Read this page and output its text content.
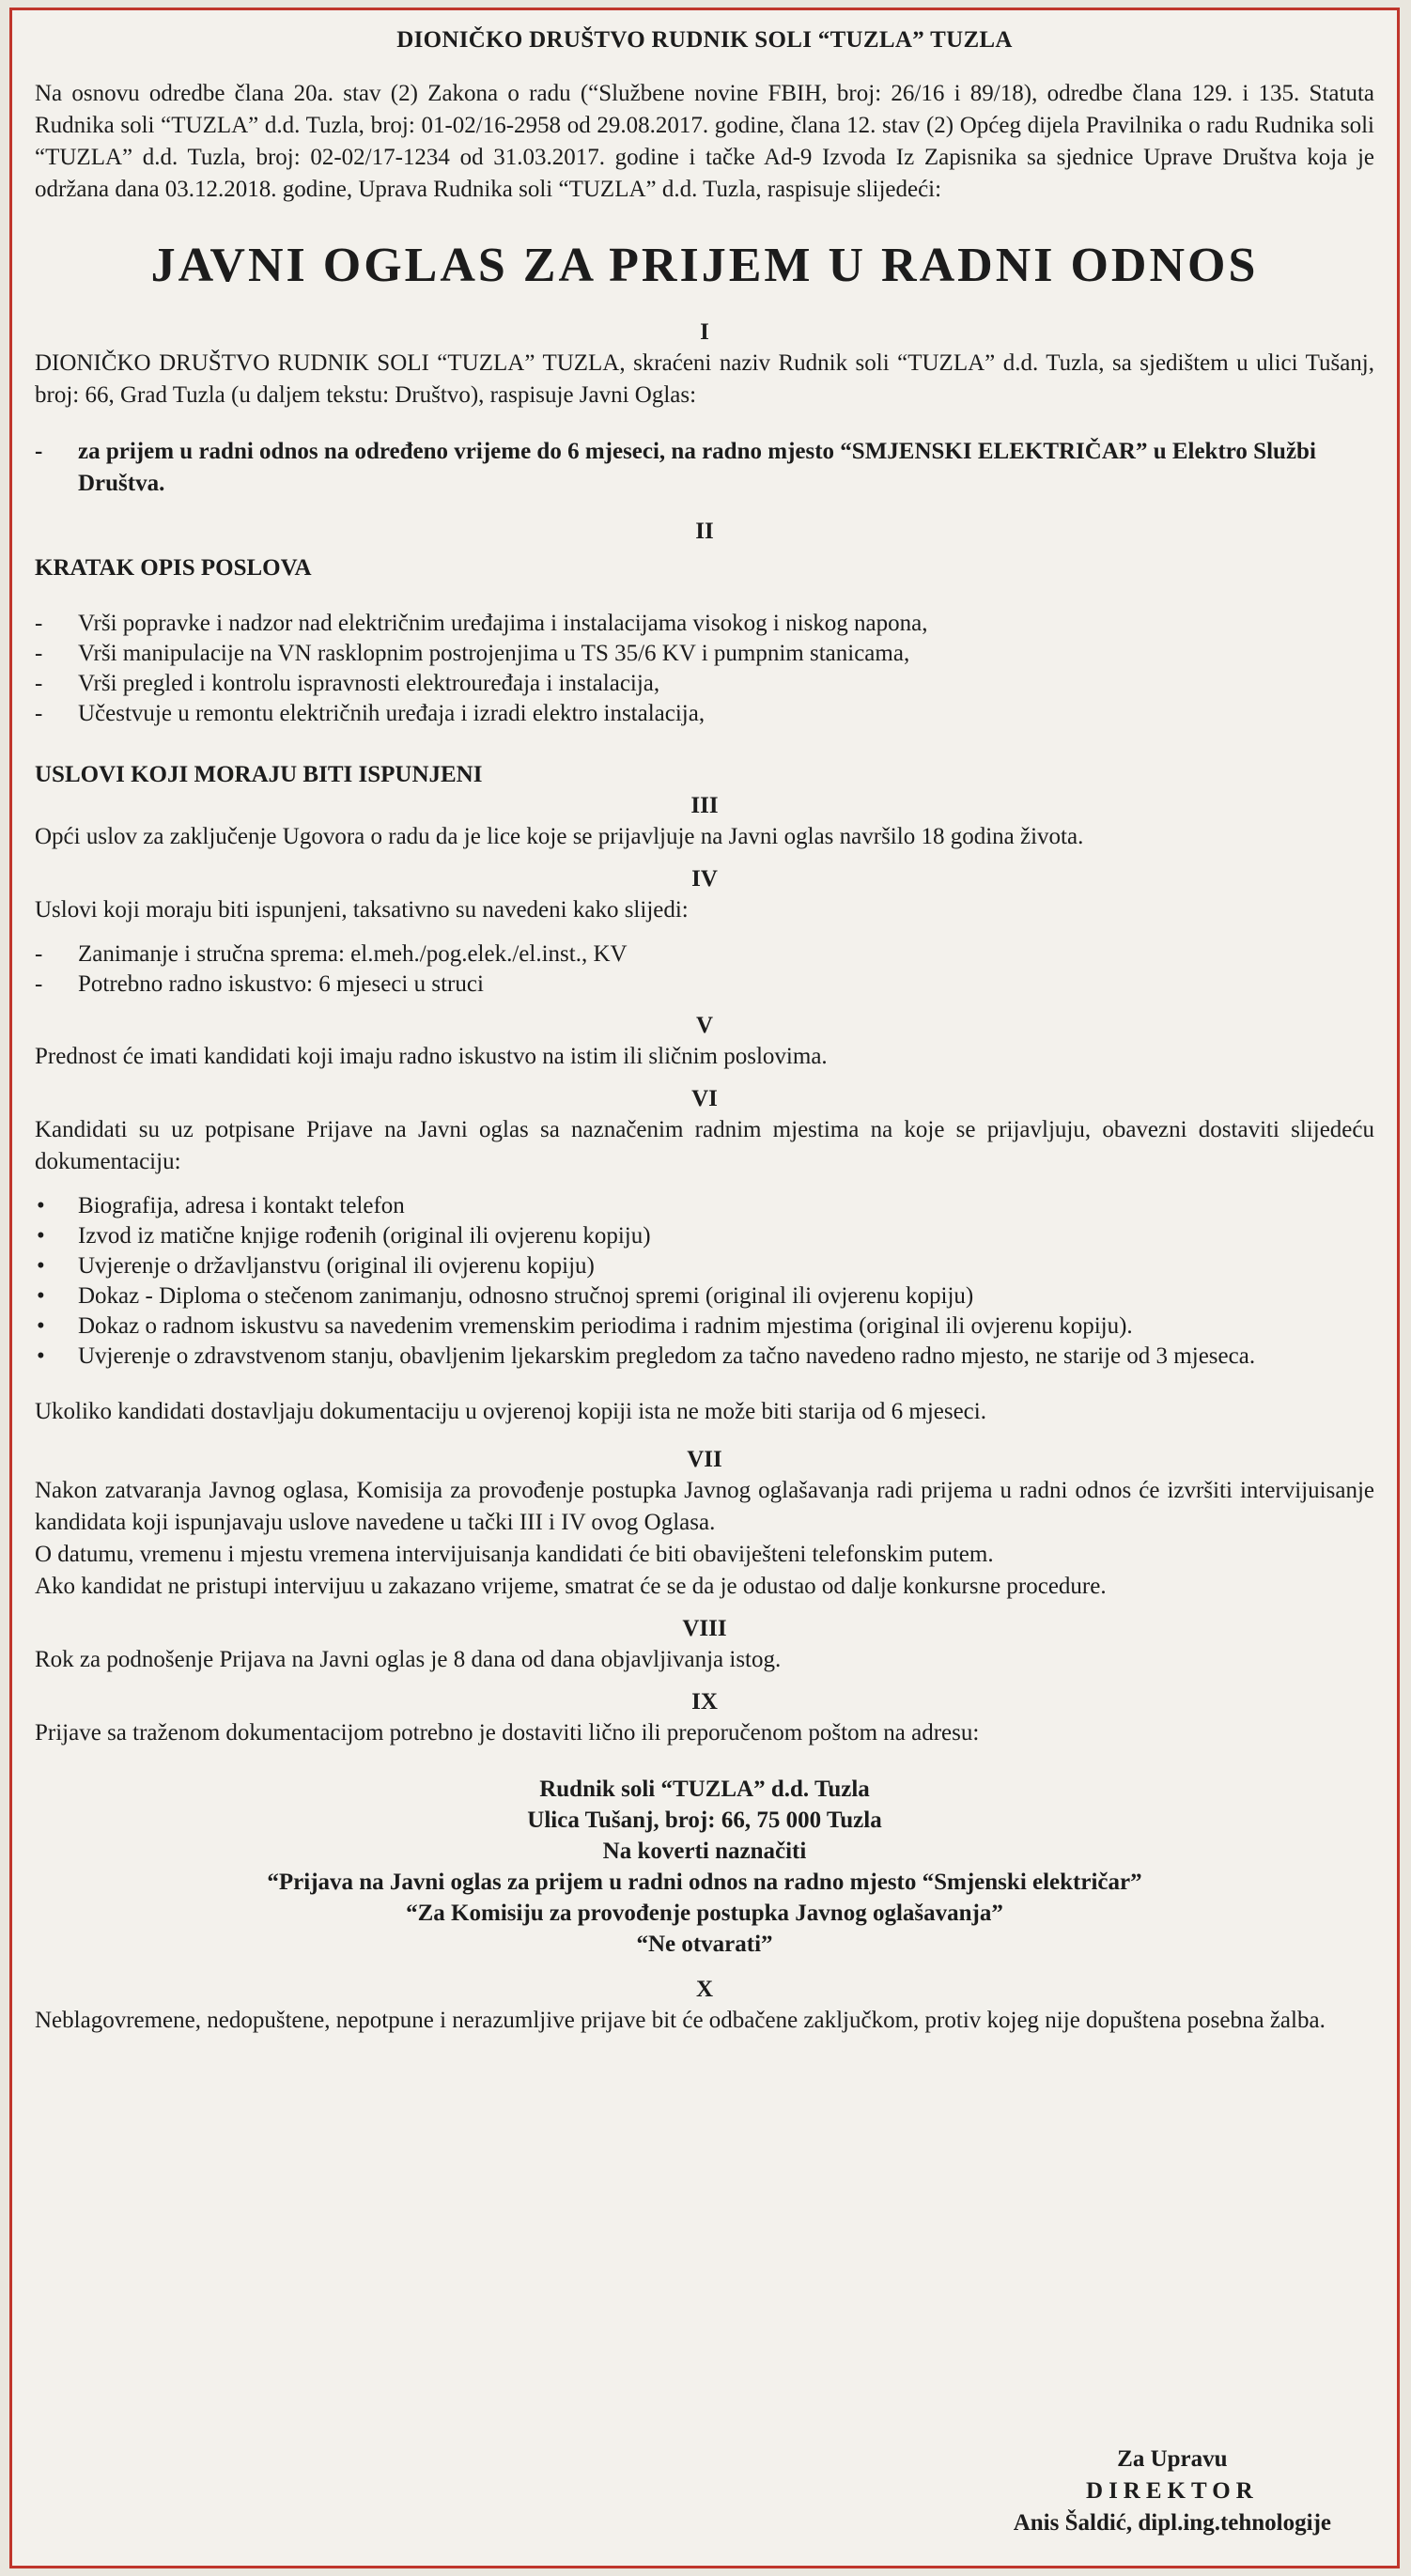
DIONIČKO DRUŠTVO RUDNIK SOLI “TUZLA” TUZLA

Na osnovu odredbe člana 20a. stav (2) Zakona o radu (“Službene novine FBIH, broj: 26/16 i 89/18), odredbe člana 129. i 135. Statuta Rudnika soli “TUZLA” d.d. Tuzla, broj: 01-02/16-2958 od 29.08.2017. godine, člana 12. stav (2) Općeg dijela Pravilnika o radu Rudnika soli “TUZLA” d.d. Tuzla, broj: 02-02/17-1234 od 31.03.2017. godine i tačke Ad-9 Izvoda Iz Zapisnika sa sjednice Uprave Društva koja je održana dana 03.12.2018. godine, Uprava Rudnika soli “TUZLA” d.d. Tuzla, raspisuje slijedeći:

JAVNI OGLAS ZA PRIJEM U RADNI ODNOS
I

DIONIČKO DRUŠTVO RUDNIK SOLI “TUZLA” TUZLA, skraćeni naziv Rudnik soli “TUZLA” d.d. Tuzla, sa sjedištem u ulici Tušanj, broj: 66, Grad Tuzla (u daljem tekstu: Društvo), raspisuje Javni Oglas:

- za prijem u radni odnos na određeno vrijeme do 6 mjeseci, na radno mjesto “SMJENSKI ELEKTRIČAR” u Elektro Službi Društva.
II
KRATAK OPIS POSLOVA
- Vrši popravke i nadzor nad električnim uređajima i instalacijama visokog i niskog napona,
- Vrši manipulacije na VN rasklopnim postrojenjima u TS 35/6 KV i pumpnim stanicama,
- Vrši pregled i kontrolu ispravnosti elektrouređaja i instalacija,
- Učestvuje u remontu električnih uređaja i izradi elektro instalacija,
USLOVI KOJI MORAJU BITI ISPUNJENI
III

Opći uslov za zaključenje Ugovora o radu da je lice koje se prijavljuje na Javni oglas navršilo 18 godina života.

IV

Uslovi koji moraju biti ispunjeni, taksativno su navedeni kako slijedi:

- Zanimanje i stručna sprema: el.meh./pog.elek./el.inst., KV
- Potrebno radno iskustvo: 6 mjeseci u struci
V

Prednost će imati kandidati koji imaju radno iskustvo na istim ili sličnim poslovima.

VI

Kandidati su uz potpisane Prijave na Javni oglas sa naznačenim radnim mjestima na koje se prijavljuju, obavezni dostaviti slijedeću dokumentaciju:

• Biografija, adresa i kontakt telefon
• Izvod iz matične knjige rođenih (original ili ovjerenu kopiju)
• Uvjerenje o državljanstvu (original ili ovjerenu kopiju)
• Dokaz - Diploma o stečenom zanimanju, odnosno stručnoj spremi (original ili ovjerenu kopiju)
• Dokaz o radnom iskustvu sa navedenim vremenskim periodima i radnim mjestima (original ili ovjerenu kopiju).
• Uvjerenje o zdravstvenom stanju, obavljenim ljekarskim pregledom za tačno navedeno radno mjesto, ne starije od 3 mjeseca.

Ukoliko kandidati dostavljaju dokumentaciju u ovjerenoj kopiji ista ne može biti starija od 6 mjeseci.

VII

Nakon zatvaranja Javnog oglasa, Komisija za provođenje postupka Javnog oglašavanja radi prijema u radni odnos će izvršiti intervijuisanje kandidata koji ispunjavaju uslove navedene u tački III i IV ovog Oglasa.

O datumu, vremenu i mjestu vremena intervijuisanja kandidati će biti obaviješteni telefonskim putem.

Ako kandidat ne pristupi intervijuu u zakazano vrijeme, smatrat će se da je odustao od dalje konkursne procedure.

VIII

Rok za podnošenje Prijava na Javni oglas je 8 dana od dana objavljivanja istog.

IX

Prijave sa traženom dokumentacijom potrebno je dostaviti lično ili preporučenom poštom na adresu:

Rudnik soli “TUZLA” d.d. Tuzla
Ulica Tušanj, broj: 66, 75 000 Tuzla
Na koverti naznačiti
“Prijava na Javni oglas za prijem u radni odnos na radno mjesto “Smjenski električar”
“Za Komisiju za provođenje postupka Javnog oglašavanja”
“Ne otvarati”
X

Neblagovremene, nedopuštene, nepotpune i nerazumljive prijave bit će odbačene zaključkom, protiv kojeg nije dopuštena posebna žalba.

Za Upravu
DIREKTOR
Anis Šaldić, dipl.ing.tehnologije
